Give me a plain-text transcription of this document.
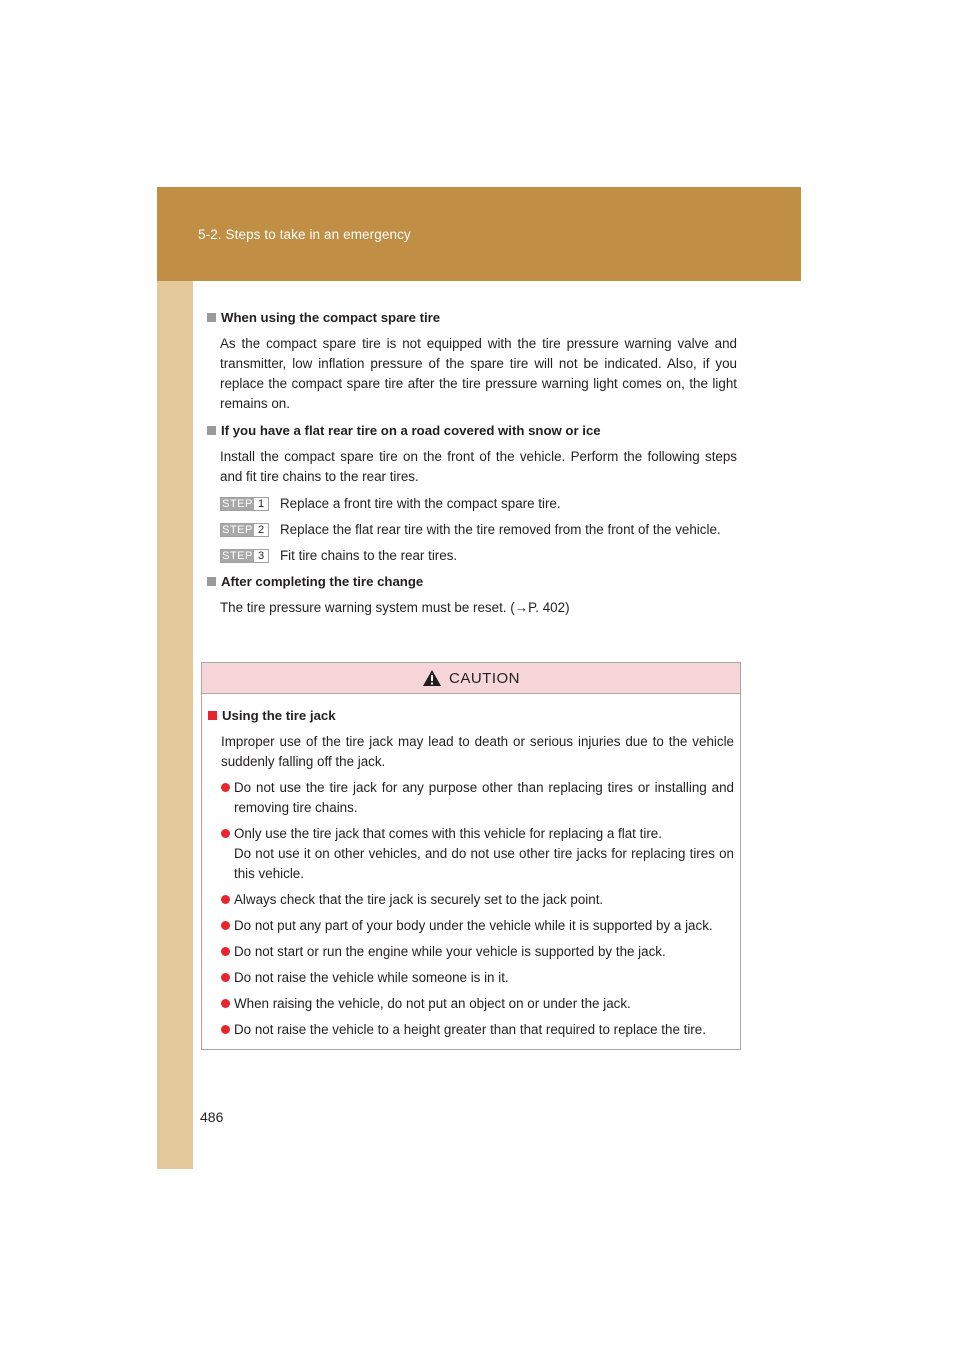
5-2. Steps to take in an emergency
When using the compact spare tire

As the compact spare tire is not equipped with the tire pressure warning valve and transmitter, low inflation pressure of the spare tire will not be indicated. Also, if you replace the compact spare tire after the tire pressure warning light comes on, the light remains on.

If you have a flat rear tire on a road covered with snow or ice

Install the compact spare tire on the front of the vehicle. Perform the following steps and fit tire chains to the rear tires.

STEP 1 Replace a front tire with the compact spare tire.
STEP 2 Replace the flat rear tire with the tire removed from the front of the vehicle.
STEP 3 Fit tire chains to the rear tires.
After completing the tire change

The tire pressure warning system must be reset. (→P. 402)

CAUTION
Using the tire jack

Improper use of the tire jack may lead to death or serious injuries due to the vehicle suddenly falling off the jack.

Do not use the tire jack for any purpose other than replacing tires or installing and removing tire chains.
Only use the tire jack that comes with this vehicle for replacing a flat tire.
Do not use it on other vehicles, and do not use other tire jacks for replacing tires on this vehicle.
Always check that the tire jack is securely set to the jack point.
Do not put any part of your body under the vehicle while it is supported by a jack.
Do not start or run the engine while your vehicle is supported by the jack.
Do not raise the vehicle while someone is in it.
When raising the vehicle, do not put an object on or under the jack.
Do not raise the vehicle to a height greater than that required to replace the tire.
486
